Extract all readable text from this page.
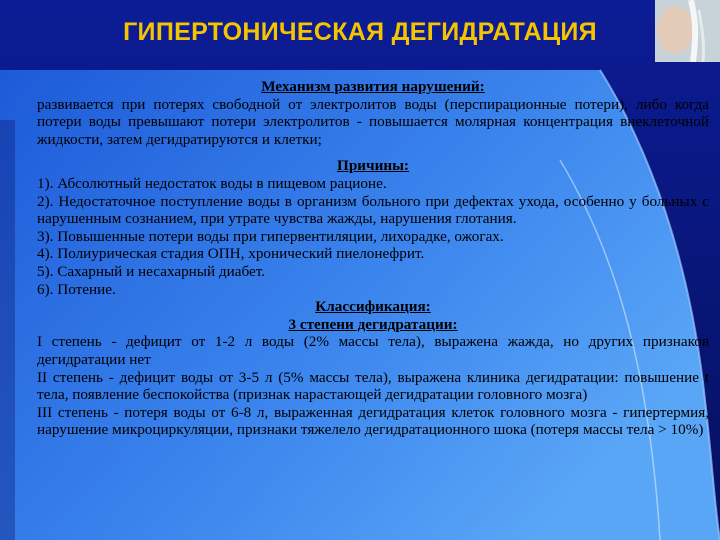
ГИПЕРТОНИЧЕСКАЯ ДЕГИДРАТАЦИЯ
Механизм развития нарушений:
развивается при потерях свободной от электролитов воды (перспирационные потери), либо когда потери воды превышают потери электролитов - повышается молярная концентрация внеклеточной жидкости, затем дегидратируются и клетки;
Причины:
1). Абсолютный недостаток воды в пищевом рационе.
2). Недостаточное поступление воды в организм больного при дефектах ухода, особенно у больных с нарушенным сознанием, при утрате чувства жажды, нарушения глотания.
3). Повышенные потери воды при гипервентиляции, лихорадке, ожогах.
4). Полиурическая стадия ОПН, хронический пиелонефрит.
5). Сахарный и несахарный диабет.
6). Потение.
Классификация:
3 степени дегидратации:
I степень - дефицит от 1-2 л воды (2% массы тела), выражена жажда, но других признаков дегидратации нет
II степень - дефицит воды от 3-5 л (5% массы тела), выражена клиника дегидратации: повышение t тела, появление беспокойства (признак нарастающей дегидратации головного мозга)
III степень - потеря воды от 6-8 л, выраженная дегидратация клеток головного мозга - гипертермия, нарушение микроциркуляции, признаки тяжелело дегидратационного шока (потеря массы тела > 10%)
